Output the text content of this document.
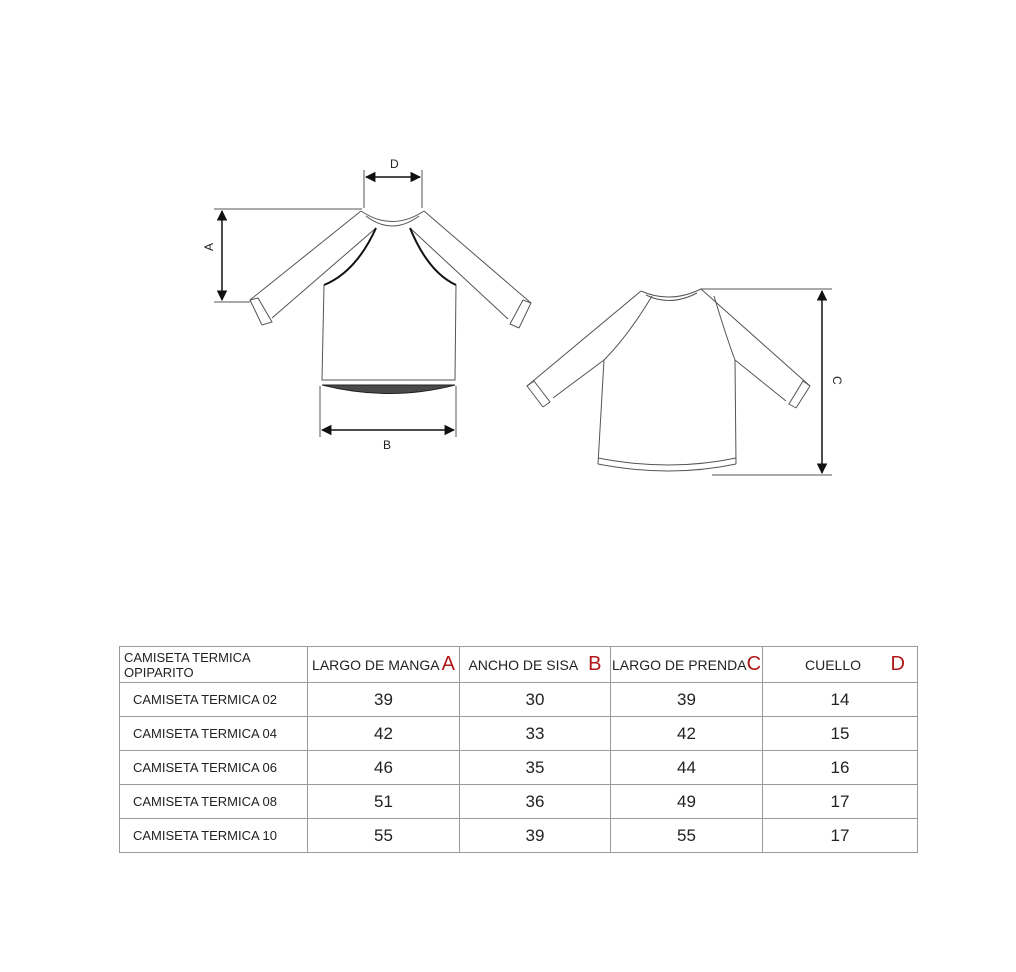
D
A
B
C
CAMISETA TERMICA OPIPARITO	LARGO DE MANGA A	ANCHO DE SISA B	LARGO DE PRENDA C	CUELLO D

CAMISETA TERMICA 02	39	30	39	14
CAMISETA TERMICA 04	42	33	42	15
CAMISETA TERMICA 06	46	35	44	16
CAMISETA TERMICA 08	51	36	49	17
CAMISETA TERMICA 10	55	39	55	17
